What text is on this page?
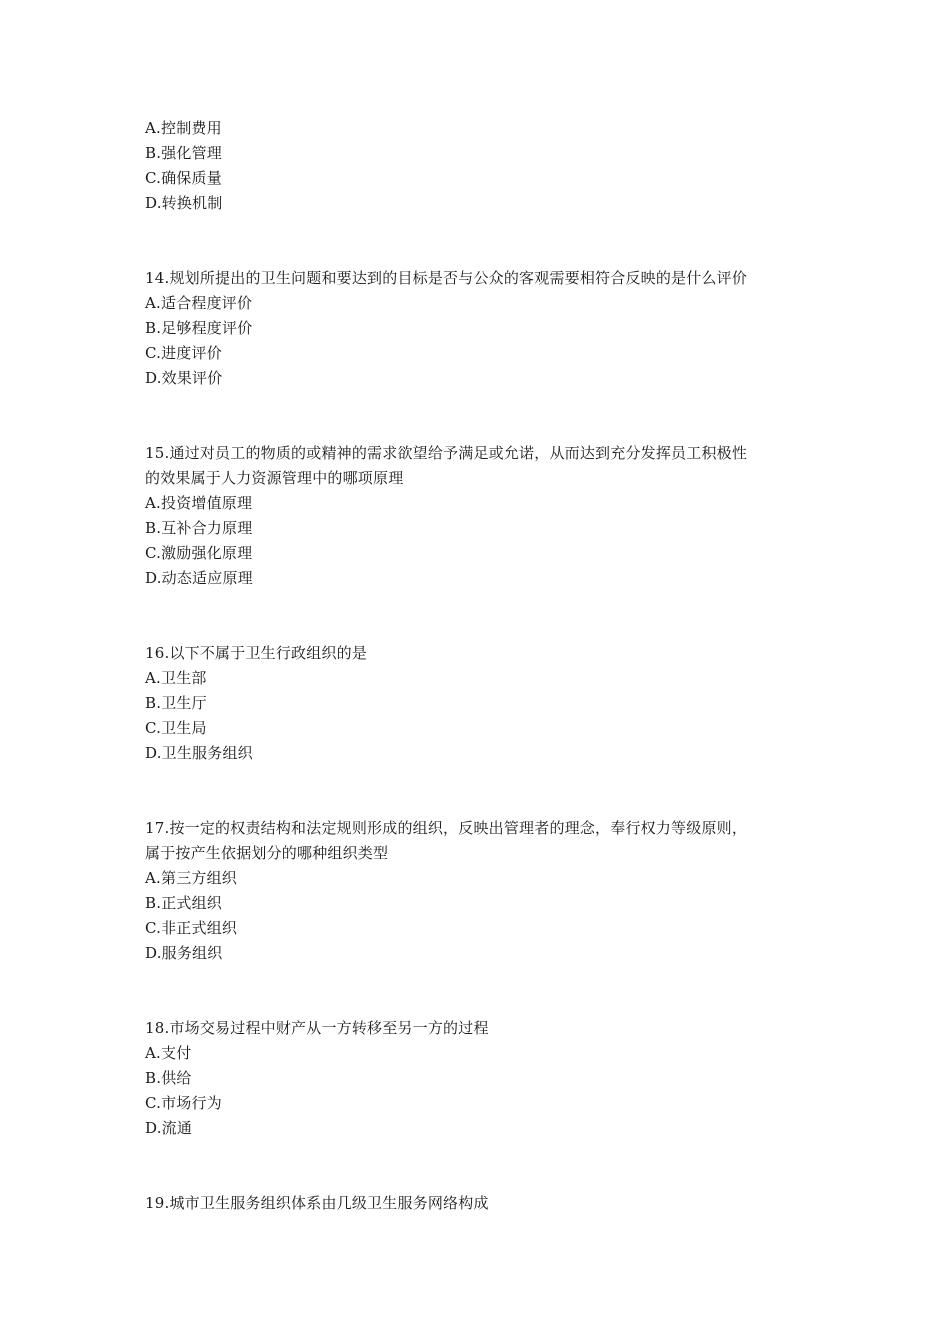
A.控制费用
B.强化管理
C.确保质量
D.转换机制
14.规划所提出的卫生问题和要达到的目标是否与公众的客观需要相符合反映的是什么评价
A.适合程度评价
B.足够程度评价
C.进度评价
D.效果评价
15.通过对员工的物质的或精神的需求欲望给予满足或允诺，从而达到充分发挥员工积极性
的效果属于人力资源管理中的哪项原理
A.投资增值原理
B.互补合力原理
C.激励强化原理
D.动态适应原理
16.以下不属于卫生行政组织的是
A.卫生部
B.卫生厅
C.卫生局
D.卫生服务组织
17.按一定的权责结构和法定规则形成的组织，反映出管理者的理念，奉行权力等级原则，
属于按产生依据划分的哪种组织类型
A.第三方组织
B.正式组织
C.非正式组织
D.服务组织
18.市场交易过程中财产从一方转移至另一方的过程
A.支付
B.供给
C.市场行为
D.流通
19.城市卫生服务组织体系由几级卫生服务网络构成
